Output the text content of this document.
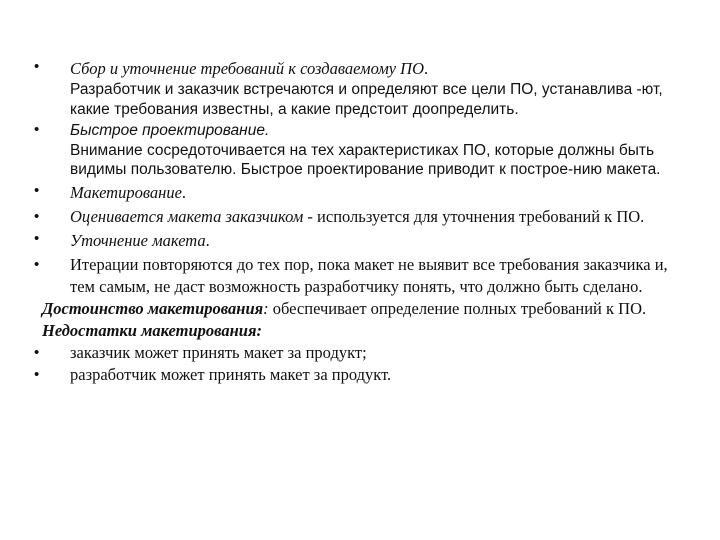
• Сбор и уточнение требований к создаваемому ПО.
Разработчик и заказчик встречаются и определяют все цели ПО, устанавлива -ют, какие требования известны, а какие предстоит доопределить.
• Быстрое проектирование.
Внимание сосредоточивается на тех характеристиках ПО, которые должны быть видимы пользователю. Быстрое проектирование приводит к построе-нию макета.
• Макетирование.
• Оценивается макета заказчиком - используется для уточнения требований к ПО.
• Уточнение макета.
• Итерации повторяются до тех пор, пока макет не выявит все требования заказчика и, тем самым, не даст возможность разработчику понять, что должно быть сделано.
Достоинство макетирования: обеспечивает определение полных требований к ПО.
Недостатки макетирования:
• заказчик может принять макет за продукт;
• разработчик может принять макет за продукт.
